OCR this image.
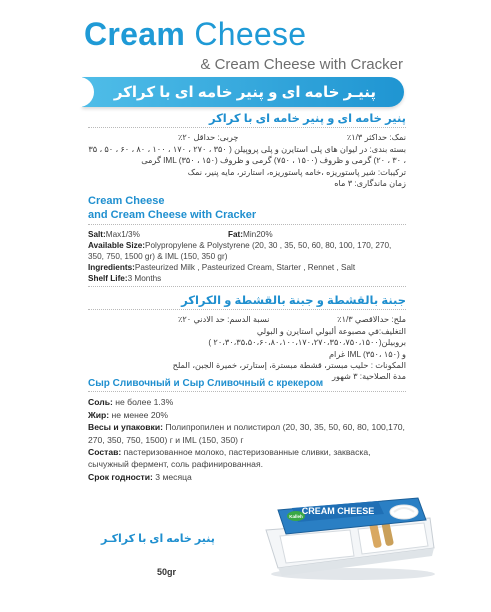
Cream Cheese
& Cream Cheese with Cracker
پنیـر خامه ای و پنیر خامه ای با کراکر
پنیر خامه ای و پنیر خامه ای با کراکر
نمک: حداکثر ۱/۳٪
چربی: حداقل ۲۰٪
بسته بندی: در لیوان های پلی استایرن و پلی پروپیلن ( ۳۵۰ ، ۲۷۰ ، ۱۷۰ ، ۱۰۰ ، ۸۰ ، ۶۰ ، ۵۰ ، ۳۵
، ۳۰ ، ۲۰) گرمی و ظروف (۱۵۰۰ ، ۷۵۰) گرمی و ظروف IML (۳۵۰ ، ۱۵۰) گرمی
ترکیبات: شیر پاستوریزه ،خامه پاستوریزه، استارتر، مایه پنیر، نمک
زمان ماندگاری: ۳ ماه
Cream Cheese
and Cream Cheese with Cracker
Salt:Max1/3%	Fat:Min20%
Available Size:Polypropylene & Polystyrene (20, 30 , 35, 50, 60, 80, 100, 170, 270, 350, 750, 1500 gr) & IML (150, 350 gr)
Ingredients:Pasteurized Milk , Pasteurized Cream, Starter , Rennet , Salt
Shelf Life:3 Months
جبنة بالقشطة و جبنة بالقشطة و الكراكر
ملح: حدالاقصي ۱/۳٪
نسبة الدسم: حد الادني ۲۰٪
التغليف:في مصبوعة ألبولي استايرن و البولي بروبيلن(۲۰،۳۰،۳۵،۵۰،۶۰،۸۰،۱۰۰،۱۷۰،۲۷۰،۳۵۰،۷۵۰،۱۵۰۰ )
و IML (۳۵۰، ۱۵۰) غرام
المكونات : حليب مبستر، قشطة مبسترة، إستارتر، خميرة الجبن، الملح
مدة الصلاحية: ۳ شهور
Сыр Сливочный и Сыр Сливочный с крекером
Соль: не более 1.3%
Жир: не менее 20%
Весы и упаковки: Полипропилен и полистирол (20, 30, 35, 50, 60, 80, 100,170, 270, 350, 750, 1500) г и IML (150, 350) г
Состав: пастеризованное молоко, пастеризованные сливки, закваска, сычужный фермент, соль рафинированная.
Срок годности: 3 месяца
پنیر خامه ای با کراکـر
50gr
Kalleh
CREAM CHEESE
